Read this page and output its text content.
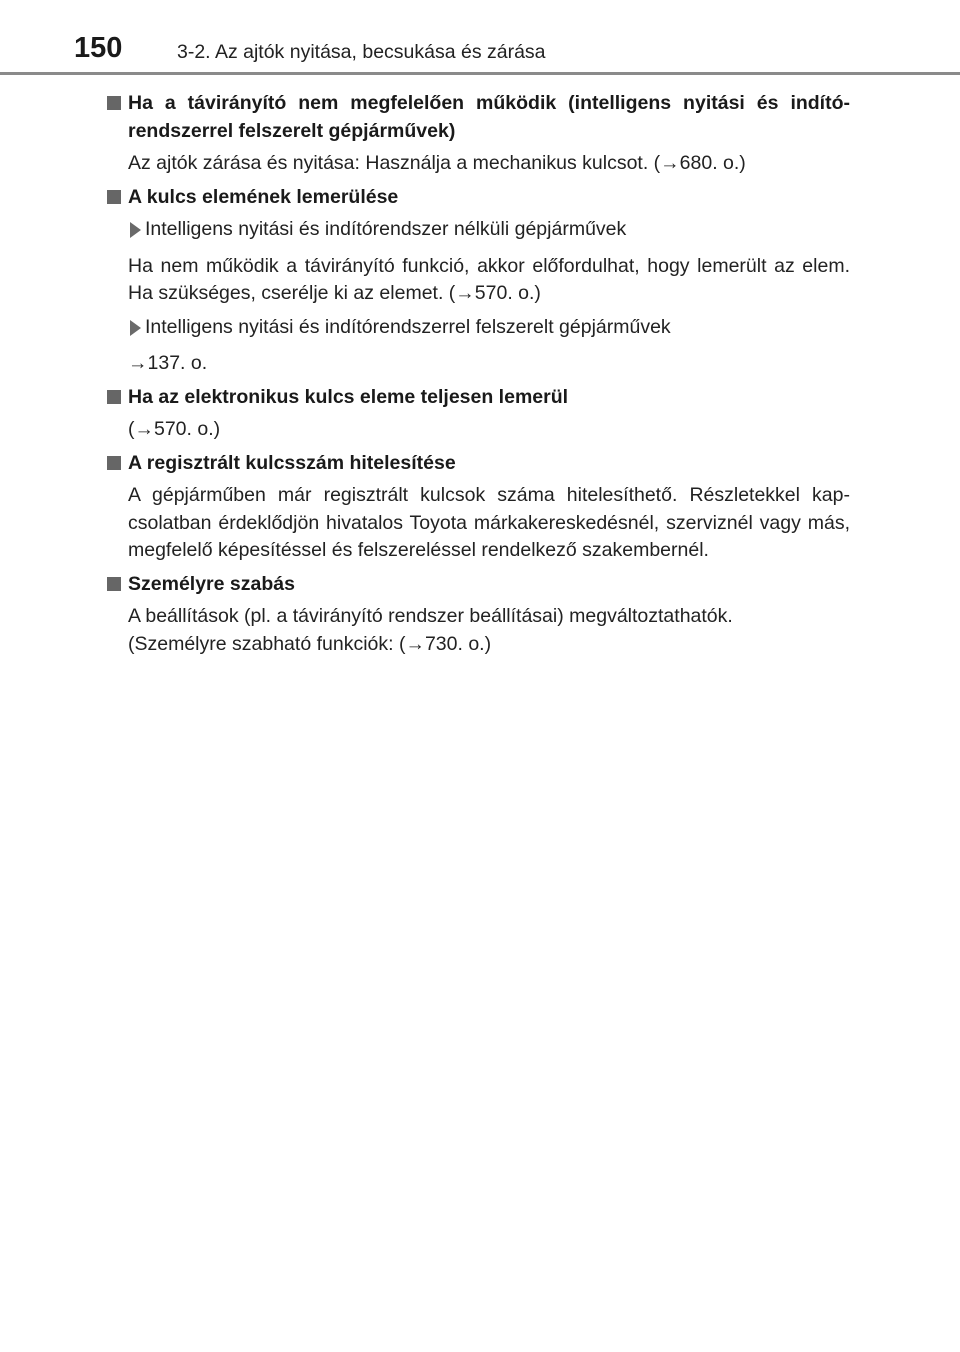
150	3-2. Az ajtók nyitása, becsukása és zárása
Ha a távirányító nem megfelelően működik (intelligens nyitási és indító-rendszerrel felszerelt gépjárművek)
Az ajtók zárása és nyitása: Használja a mechanikus kulcsot. (→680. o.)
A kulcs elemének lemerülése
Intelligens nyitási és indítórendszer nélküli gépjárművek
Ha nem működik a távirányító funkció, akkor előfordulhat, hogy lemerült az elem. Ha szükséges, cserélje ki az elemet. (→570. o.)
Intelligens nyitási és indítórendszerrel felszerelt gépjárművek
→137. o.
Ha az elektronikus kulcs eleme teljesen lemerül
(→570. o.)
A regisztrált kulcsszám hitelesítése
A gépjárműben már regisztrált kulcsok száma hitelesíthető. Részletekkel kap-csolatban érdeklődjön hivatalos Toyota márkakereskedésnél, szerviznél vagy más, megfelelő képesítéssel és felszereléssel rendelkező szakembernél.
Személyre szabás
A beállítások (pl. a távirányító rendszer beállításai) megváltoztathatók.
(Személyre szabható funkciók: (→730. o.)
